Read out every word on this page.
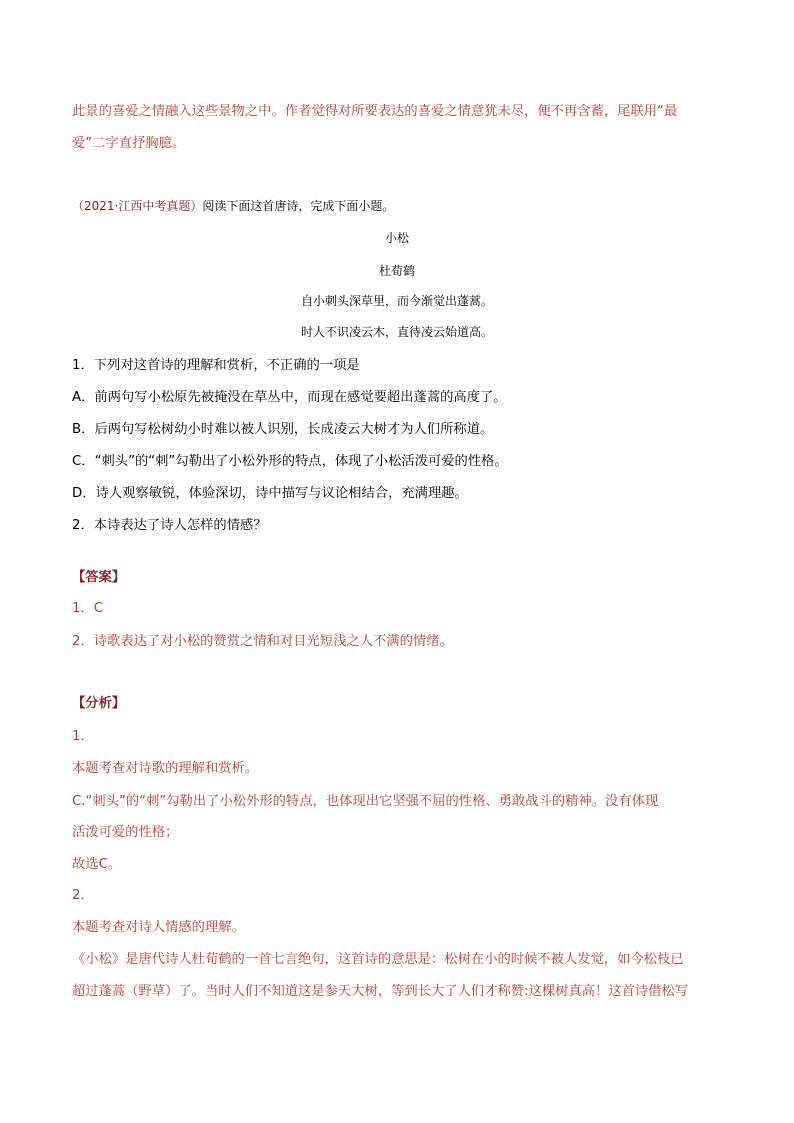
此景的喜爱之情融入这些景物之中。作者觉得对所要表达的喜爱之情意犹未尽，便不再含蓄，尾联用“最
爱”二字直抒胸臆。
（2021·江西中考真题）阅读下面这首唐诗，完成下面小题。
小松
杜荀鹤
自小刺头深草里，而今渐觉出蓬蒿。
时人不识凌云木，直待凌云始道高。
1．下列对这首诗的理解和赏析，不正确的一项是
A．前两句写小松原先被掩没在草丛中，而现在感觉要超出蓬蒿的高度了。
B．后两句写松树幼小时难以被人识别，长成凌云大树才为人们所称道。
C．“刺头”的“刺”勾勒出了小松外形的特点，体现了小松活泼可爱的性格。
D．诗人观察敏锐，体验深切，诗中描写与议论相结合，充满理趣。
2．本诗表达了诗人怎样的情感？
【答案】
1．C
2．诗歌表达了对小松的赞赏之情和对目光短浅之人不满的情绪。
【分析】
1．
本题考查对诗歌的理解和赏析。
C.“刺头”的“刺”勾勒出了小松外形的特点，也体现出它坚强不屈的性格、勇敢战斗的精神。没有体现
活泼可爱的性格；
故选C。
2．
本题考查对诗人情感的理解。
《小松》是唐代诗人杜荀鹤的一首七言绝句，这首诗的意思是：松树在小的时候不被人发觉，如今松枝已
超过蓬蒿（野草）了。当时人们不知道这是参天大树，等到长大了人们才称赞:这棵树真高！这首诗借松写
